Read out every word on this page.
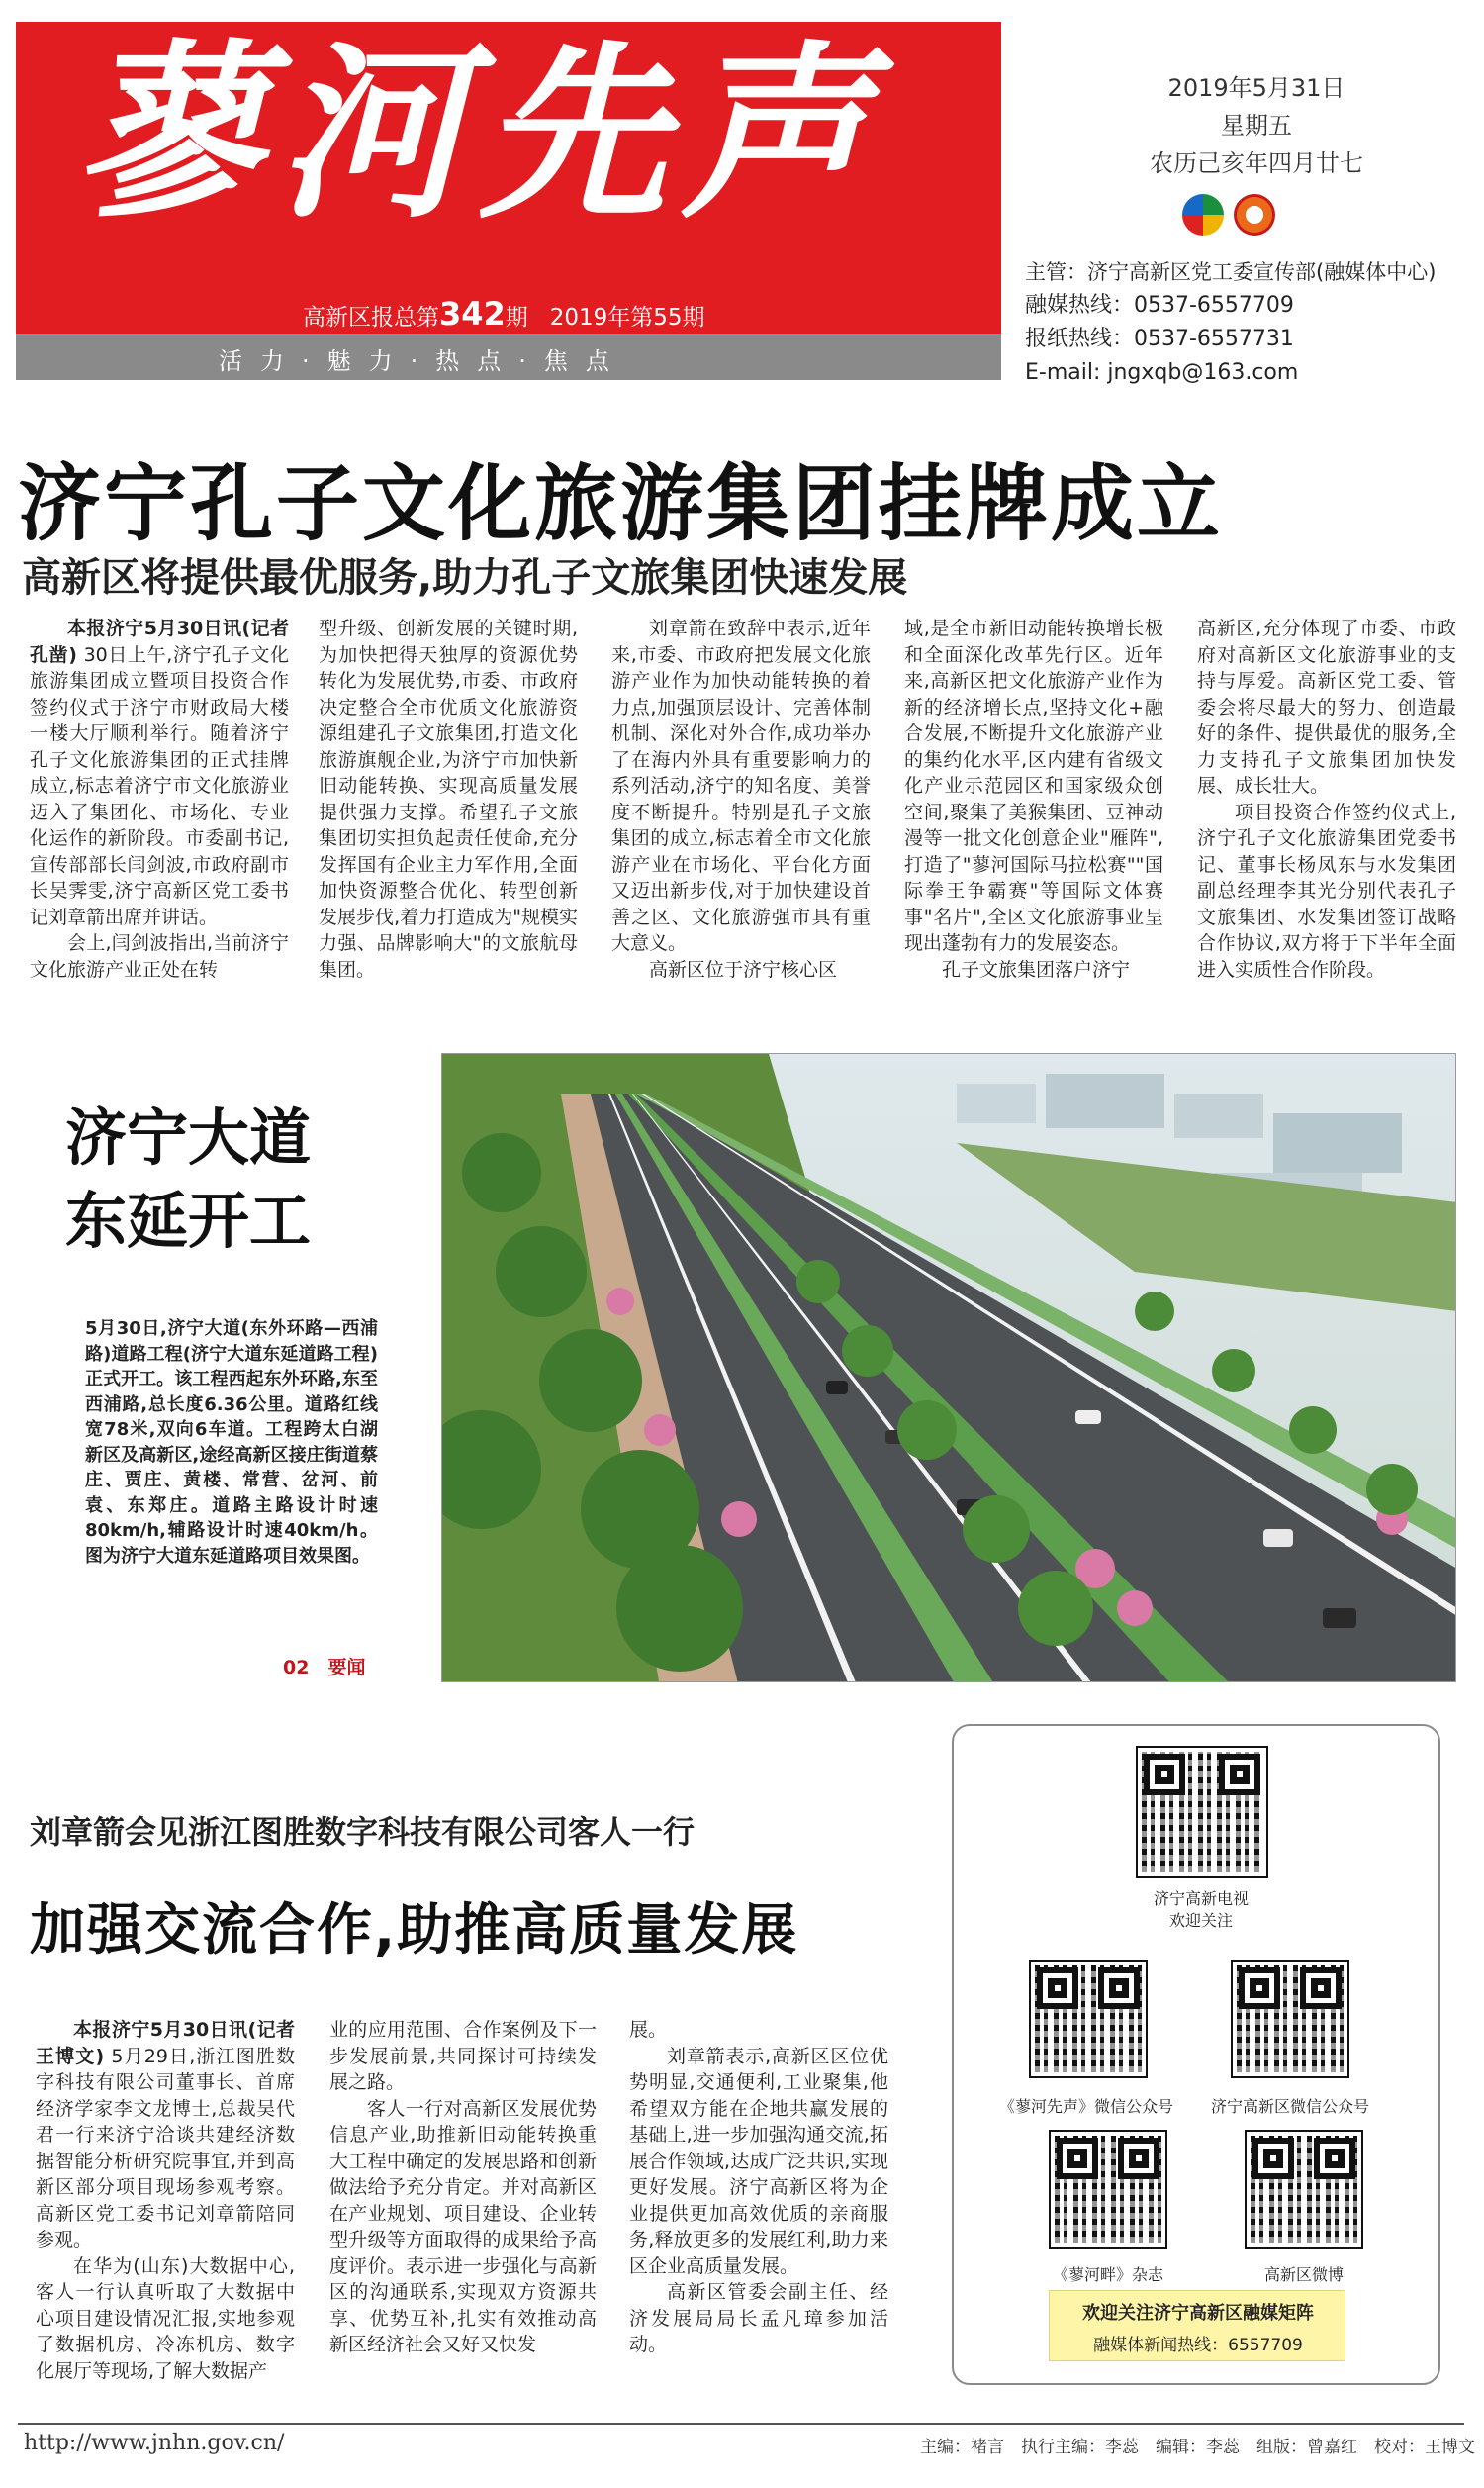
蓼河先声
高新区报总第342期 2019年第55期
活力·魅力·热点·焦点
2019年5月31日
星期五
农历己亥年四月廿七
主管：济宁高新区党工委宣传部(融媒体中心)
融媒热线：0537-6557709
报纸热线：0537-6557731
E-mail: jngxqb@163.com
济宁孔子文化旅游集团挂牌成立
高新区将提供最优服务,助力孔子文旅集团快速发展

本报济宁5月30日讯(记者孔凿) 30日上午,济宁孔子文化旅游集团成立暨项目投资合作签约仪式于济宁市财政局大楼一楼大厅顺利举行。随着济宁孔子文化旅游集团的正式挂牌成立,标志着济宁市文化旅游业迈入了集团化、市场化、专业化运作的新阶段。市委副书记,宣传部部长闫剑波,市政府副市长吴霁雯,济宁高新区党工委书记刘章箭出席并讲话。

会上,闫剑波指出,当前济宁文化旅游产业正处在转

型升级、创新发展的关键时期,为加快把得天独厚的资源优势转化为发展优势,市委、市政府决定整合全市优质文化旅游资源组建孔子文旅集团,打造文化旅游旗舰企业,为济宁市加快新旧动能转换、实现高质量发展提供强力支撑。希望孔子文旅集团切实担负起责任使命,充分发挥国有企业主力军作用,全面加快资源整合优化、转型创新发展步伐,着力打造成为"规模实力强、品牌影响大"的文旅航母集团。

刘章箭在致辞中表示,近年来,市委、市政府把发展文化旅游产业作为加快动能转换的着力点,加强顶层设计、完善体制机制、深化对外合作,成功举办了在海内外具有重要影响力的系列活动,济宁的知名度、美誉度不断提升。特别是孔子文旅集团的成立,标志着全市文化旅游产业在市场化、平台化方面又迈出新步伐,对于加快建设首善之区、文化旅游强市具有重大意义。

高新区位于济宁核心区

域,是全市新旧动能转换增长极和全面深化改革先行区。近年来,高新区把文化旅游产业作为新的经济增长点,坚持文化+融合发展,不断提升文化旅游产业的集约化水平,区内建有省级文化产业示范园区和国家级众创空间,聚集了美猴集团、豆神动漫等一批文化创意企业"雁阵",打造了"蓼河国际马拉松赛""国际拳王争霸赛"等国际文体赛事"名片",全区文化旅游事业呈现出蓬勃有力的发展姿态。

孔子文旅集团落户济宁

高新区,充分体现了市委、市政府对高新区文化旅游事业的支持与厚爱。高新区党工委、管委会将尽最大的努力、创造最好的条件、提供最优的服务,全力支持孔子文旅集团加快发展、成长壮大。

项目投资合作签约仪式上,济宁孔子文化旅游集团党委书记、董事长杨凤东与水发集团副总经理李其光分别代表孔子文旅集团、水发集团签订战略合作协议,双方将于下半年全面进入实质性合作阶段。

济宁大道
东延开工
5月30日,济宁大道(东外环路—西浦路)道路工程(济宁大道东延道路工程)正式开工。该工程西起东外环路,东至西浦路,总长度6.36公里。道路红线宽78米,双向6车道。工程跨太白湖新区及高新区,途经高新区接庄街道蔡庄、贾庄、黄楼、常营、岔河、前袁、东郑庄。道路主路设计时速80km/h,辅路设计时速40km/h。图为济宁大道东延道路项目效果图。
02　要闻
刘章箭会见浙江图胜数字科技有限公司客人一行
加强交流合作,助推高质量发展

本报济宁5月30日讯(记者王博文) 5月29日,浙江图胜数字科技有限公司董事长、首席经济学家李文龙博士,总裁吴代君一行来济宁洽谈共建经济数据智能分析研究院事宜,并到高新区部分项目现场参观考察。高新区党工委书记刘章箭陪同参观。

在华为(山东)大数据中心,客人一行认真听取了大数据中心项目建设情况汇报,实地参观了数据机房、冷冻机房、数字化展厅等现场,了解大数据产

业的应用范围、合作案例及下一步发展前景,共同探讨可持续发展之路。

客人一行对高新区发展优势信息产业,助推新旧动能转换重大工程中确定的发展思路和创新做法给予充分肯定。并对高新区在产业规划、项目建设、企业转型升级等方面取得的成果给予高度评价。表示进一步强化与高新区的沟通联系,实现双方资源共享、优势互补,扎实有效推动高新区经济社会又好又快发

展。

刘章箭表示,高新区区位优势明显,交通便利,工业聚集,他希望双方能在企地共赢发展的基础上,进一步加强沟通交流,拓展合作领域,达成广泛共识,实现更好发展。济宁高新区将为企业提供更加高效优质的亲商服务,释放更多的发展红利,助力来区企业高质量发展。

高新区管委会副主任、经济发展局局长孟凡璋参加活动。

济宁高新电视
欢迎关注
《蓼河先声》微信公众号	济宁高新区微信公众号
《蓼河畔》杂志	高新区微博
欢迎关注济宁高新区融媒矩阵
融媒体新闻热线：6557709
http://www.jnhn.gov.cn/	主编：褚言　执行主编：李蕊　编辑：李蕊　组版：曾嘉红　校对：王博文
